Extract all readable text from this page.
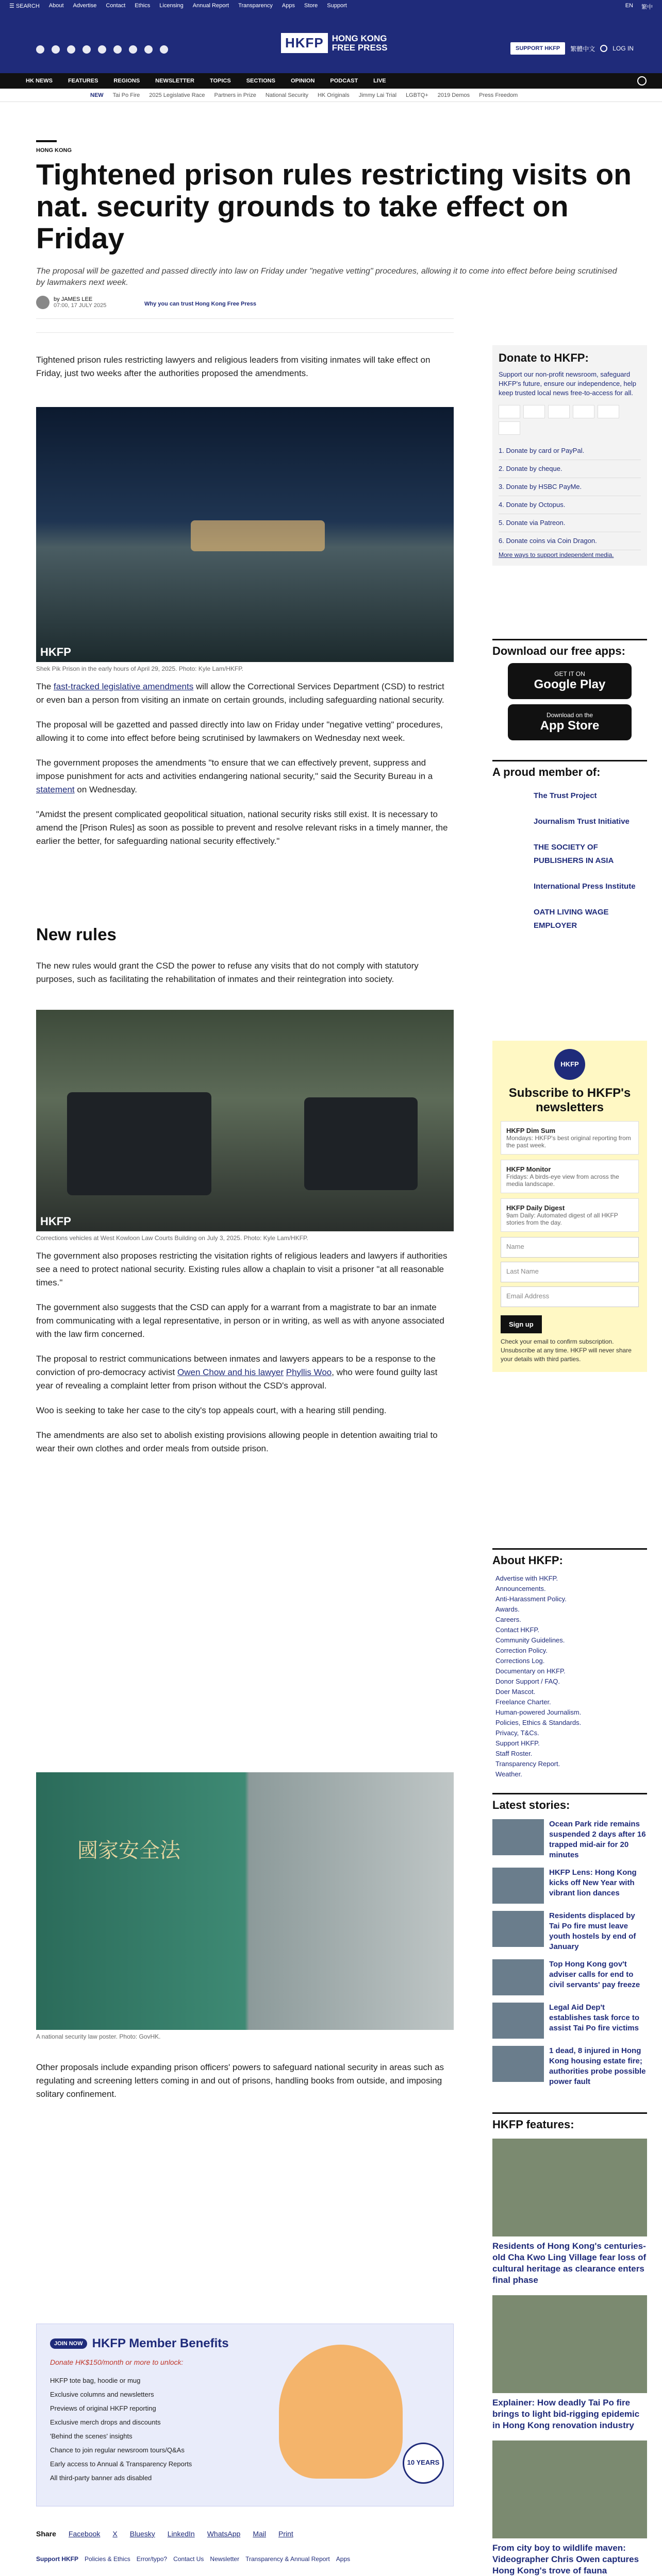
☰ SEARCH About Advertise Contact Ethics Licensing Annual Report Transparency Apps Store Support	EN 繁中
HKFP HONG KONG FREE PRESS	SUPPORT HKFP	繁體中文	LOG IN
HK NEWS	FEATURES	REGIONS	NEWSLETTER	TOPICS	SECTIONS	OPINION	PODCAST	LIVE
NEW Tai Po Fire 2025 Legislative Race Partners in Prize National Security HK Originals Jimmy Lai Trial LGBTQ+ 2019 Demos Press Freedom
HONG KONG
Tightened prison rules restricting visits on nat. security grounds to take effect on Friday
The proposal will be gazetted and passed directly into law on Friday under "negative vetting" procedures, allowing it to come into effect before being scrutinised by lawmakers next week.
by JAMES LEE
07:00, 17 JULY 2025	Why you can trust Hong Kong Free Press

Tightened prison rules restricting lawyers and religious leaders from visiting inmates will take effect on Friday, just two weeks after the authorities proposed the amendments.

HKFP
Shek Pik Prison in the early hours of April 29, 2025. Photo: Kyle Lam/HKFP.

The fast-tracked legislative amendments will allow the Correctional Services Department (CSD) to restrict or even ban a person from visiting an inmate on certain grounds, including safeguarding national security.

The proposal will be gazetted and passed directly into law on Friday under "negative vetting" procedures, allowing it to come into effect before being scrutinised by lawmakers on Wednesday next week.

The government proposes the amendments "to ensure that we can effectively prevent, suppress and impose punishment for acts and activities endangering national security," said the Security Bureau in a statement on Wednesday.

"Amidst the present complicated geopolitical situation, national security risks still exist. It is necessary to amend the [Prison Rules] as soon as possible to prevent and resolve relevant risks in a timely manner, the earlier the better, for safeguarding national security effectively."

New rules

The new rules would grant the CSD the power to refuse any visits that do not comply with statutory purposes, such as facilitating the rehabilitation of inmates and their reintegration into society.

HKFP
Corrections vehicles at West Kowloon Law Courts Building on July 3, 2025. Photo: Kyle Lam/HKFP.

The government also proposes restricting the visitation rights of religious leaders and lawyers if authorities see a need to protect national security. Existing rules allow a chaplain to visit a prisoner "at all reasonable times."

The government also suggests that the CSD can apply for a warrant from a magistrate to bar an inmate from communicating with a legal representative, in person or in writing, as well as with anyone associated with the law firm concerned.

The proposal to restrict communications between inmates and lawyers appears to be a response to the conviction of pro-democracy activist Owen Chow and his lawyer Phyllis Woo, who were found guilty last year of revealing a complaint letter from prison without the CSD's approval.

Woo is seeking to take her case to the city's top appeals court, with a hearing still pending.

The amendments are also set to abolish existing provisions allowing people in detention awaiting trial to wear their own clothes and order meals from outside prison.

國家安全法
A national security law poster. Photo: GovHK.

Other proposals include expanding prison officers' powers to safeguard national security in areas such as regulating and screening letters coming in and out of prisons, handling books from outside, and imposing solitary confinement.

JOIN NOW HKFP Member Benefits
Donate HK$150/month or more to unlock:
HKFP tote bag, hoodie or mug
Exclusive columns and newsletters
Previews of original HKFP reporting
Exclusive merch drops and discounts
'Behind the scenes' insights
Chance to join regular newsroom tours/Q&As
Early access to Annual & Transparency Reports
All third-party banner ads disabled
10 YEARS
Share Facebook X Bluesky LinkedIn WhatsApp Mail Print
Support HKFP Policies & Ethics Error/typo? Contact Us Newsletter Transparency & Annual Report Apps
Donate to HKFP:
Support our non-profit newsroom, safeguard HKFP's future, ensure our independence, help keep trusted local news free-to-access for all.
1. Donate by card or PayPal.
2. Donate by cheque.
3. Donate by HSBC PayMe.
4. Donate by Octopus.
5. Donate via Patreon.
6. Donate coins via Coin Dragon.
More ways to support independent media.
Download our free apps:
GET IT ON
Google Play
Download on the
App Store
A proud member of:
The Trust Project
Journalism Trust Initiative
THE SOCIETY OF PUBLISHERS IN ASIA
International Press Institute
OATH LIVING WAGE EMPLOYER
HKFP
Subscribe to HKFP's newsletters
HKFP Dim Sum
Mondays: HKFP's best original reporting from the past week.
HKFP Monitor
Fridays: A birds-eye view from across the media landscape.
HKFP Daily Digest
9am Daily: Automated digest of all HKFP stories from the day.
Name
Last Name
Email Address
Sign up
Check your email to confirm subscription. Unsubscribe at any time. HKFP will never share your details with third parties.
About HKFP:
Advertise with HKFP.
Announcements.
Anti-Harassment Policy.
Awards.
Careers.
Contact HKFP.
Community Guidelines.
Correction Policy.
Corrections Log.
Documentary on HKFP.
Donor Support / FAQ.
Doer Mascot.
Freelance Charter.
Human-powered Journalism.
Policies, Ethics & Standards.
Privacy, T&Cs.
Support HKFP.
Staff Roster.
Transparency Report.
Weather.
Latest stories:
Ocean Park ride remains suspended 2 days after 16 trapped mid-air for 20 minutes
HKFP Lens: Hong Kong kicks off New Year with vibrant lion dances
Residents displaced by Tai Po fire must leave youth hostels by end of January
Top Hong Kong gov't adviser calls for end to civil servants' pay freeze
Legal Aid Dep't establishes task force to assist Tai Po fire victims
1 dead, 8 injured in Hong Kong housing estate fire; authorities probe possible power fault
HKFP features:
Residents of Hong Kong's centuries-old Cha Kwo Ling Village fear loss of cultural heritage as clearance enters final phase
Explainer: How deadly Tai Po fire brings to light bid-rigging epidemic in Hong Kong renovation industry
From city boy to wildlife maven: Videographer Chris Owen captures Hong Kong's trove of fauna
